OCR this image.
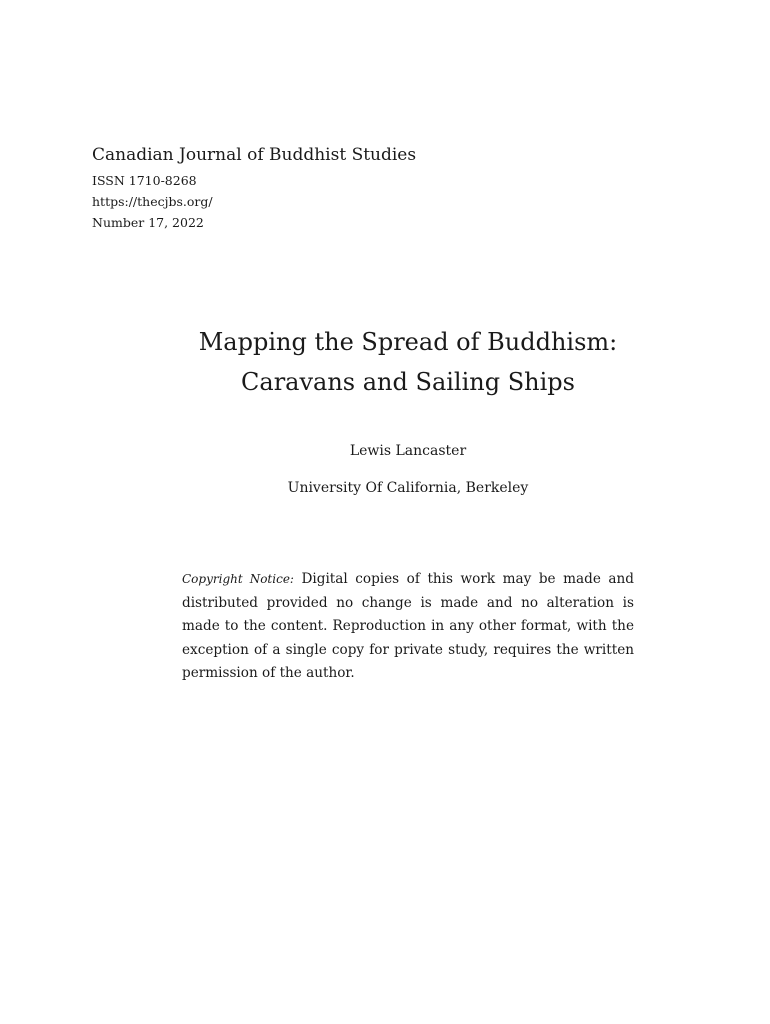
Canadian Journal of Buddhist Studies
ISSN 1710-8268
https://thecjbs.org/
Number 17, 2022
Mapping the Spread of Buddhism:
Caravans and Sailing Ships
Lewis Lancaster
University Of California, Berkeley
Copyright Notice: Digital copies of this work may be made and distributed provided no change is made and no alteration is made to the content. Reproduction in any other format, with the exception of a single copy for private study, requires the written permission of the author.
